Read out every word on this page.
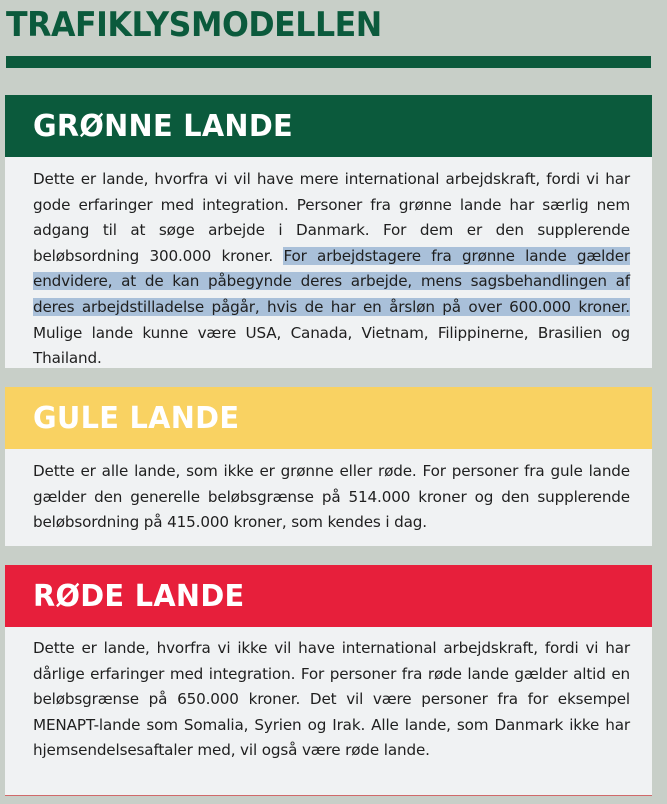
TRAFIKLYSMODELLEN
GRØNNE LANDE
Dette er lande, hvorfra vi vil have mere international arbejdskraft, fordi vi har gode erfaringer med integration. Personer fra grønne lande har særlig nem adgang til at søge arbejde i Danmark. For dem er den supplerende beløbsordning 300.000 kroner. For arbejdstagere fra grønne lande gælder endvidere, at de kan påbegynde deres arbejde, mens sagsbehandlingen af deres arbejdstilladelse pågår, hvis de har en årsløn på over 600.000 kroner. Mulige lande kunne være USA, Canada, Vietnam, Filippinerne, Brasilien og Thailand.
GULE LANDE
Dette er alle lande, som ikke er grønne eller røde. For personer fra gule lande gælder den generelle beløbsgrænse på 514.000 kroner og den supplerende beløbsordning på 415.000 kroner, som kendes i dag.
RØDE LANDE
Dette er lande, hvorfra vi ikke vil have international arbejdskraft, fordi vi har dårlige erfaringer med integration. For personer fra røde lande gælder altid en beløbsgrænse på 650.000 kroner. Det vil være personer fra for eksempel MENAPT-lande som Somalia, Syrien og Irak. Alle lande, som Danmark ikke har hjemsendelsesaftaler med, vil også være røde lande.
